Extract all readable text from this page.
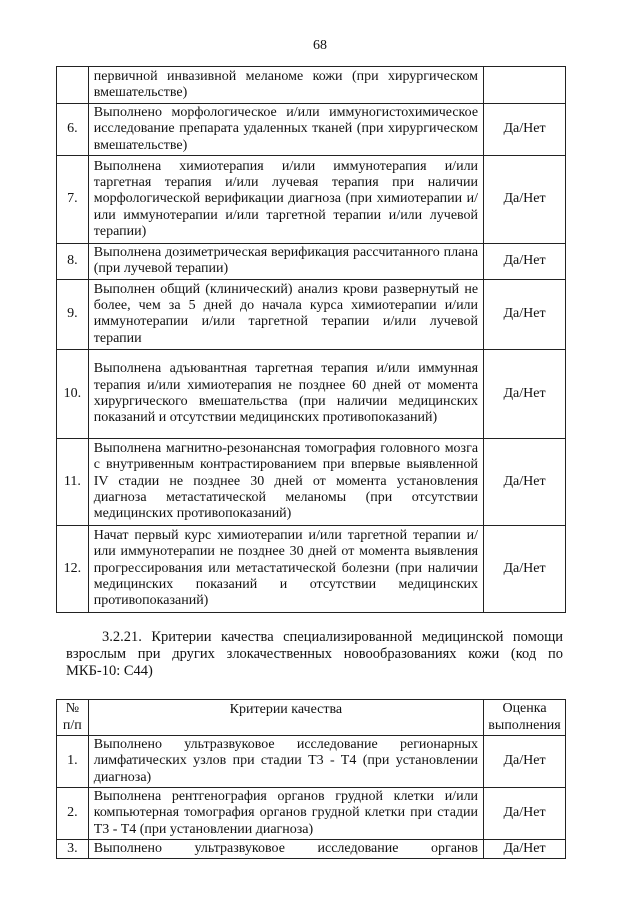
68
	первичной инвазивной меланоме кожи (при хирургическом вмешательстве)	
6.	Выполнено морфологическое и/или иммуногистохимическое исследование препарата удаленных тканей (при хирургическом вмешательстве)	Да/Нет
7.	Выполнена химиотерапия и/или иммунотерапия и/или таргетная терапия и/или лучевая терапия при наличии морфологической верификации диагноза (при химиотерапии и/или иммунотерапии и/или таргетной терапии и/или лучевой терапии)	Да/Нет
8.	Выполнена дозиметрическая верификация рассчитанного плана (при лучевой терапии)	Да/Нет
9.	Выполнен общий (клинический) анализ крови развернутый не более, чем за 5 дней до начала курса химиотерапии и/или иммунотерапии и/или таргетной терапии и/или лучевой терапии	Да/Нет
10.	Выполнена адъювантная таргетная терапия и/или иммунная терапия и/или химиотерапия не позднее 60 дней от момента хирургического вмешательства (при наличии медицинских показаний и отсутствии медицинских противопоказаний)	Да/Нет
11.	Выполнена магнитно-резонансная томография головного мозга с внутривенным контрастированием при впервые выявленной IV стадии не позднее 30 дней от момента установления диагноза метастатической меланомы (при отсутствии медицинских противопоказаний)	Да/Нет
12.	Начат первый курс химиотерапии и/или таргетной терапии и/или иммунотерапии не позднее 30 дней от момента выявления прогрессирования или метастатической болезни (при наличии медицинских показаний и отсутствии медицинских противопоказаний)	Да/Нет

3.2.21. Критерии качества специализированной медицинской помощи взрослым при других злокачественных новообразованиях кожи (код по МКБ-10: C44)

№ п/п	Критерии качества	Оценка выполнения
1.	Выполнено ультразвуковое исследование регионарных лимфатических узлов при стадии T3 - T4 (при установлении диагноза)	Да/Нет
2.	Выполнена рентгенография органов грудной клетки и/или компьютерная томография органов грудной клетки при стадии T3 - T4 (при установлении диагноза)	Да/Нет
3.	Выполнено ультразвуковое исследование органов	Да/Нет
